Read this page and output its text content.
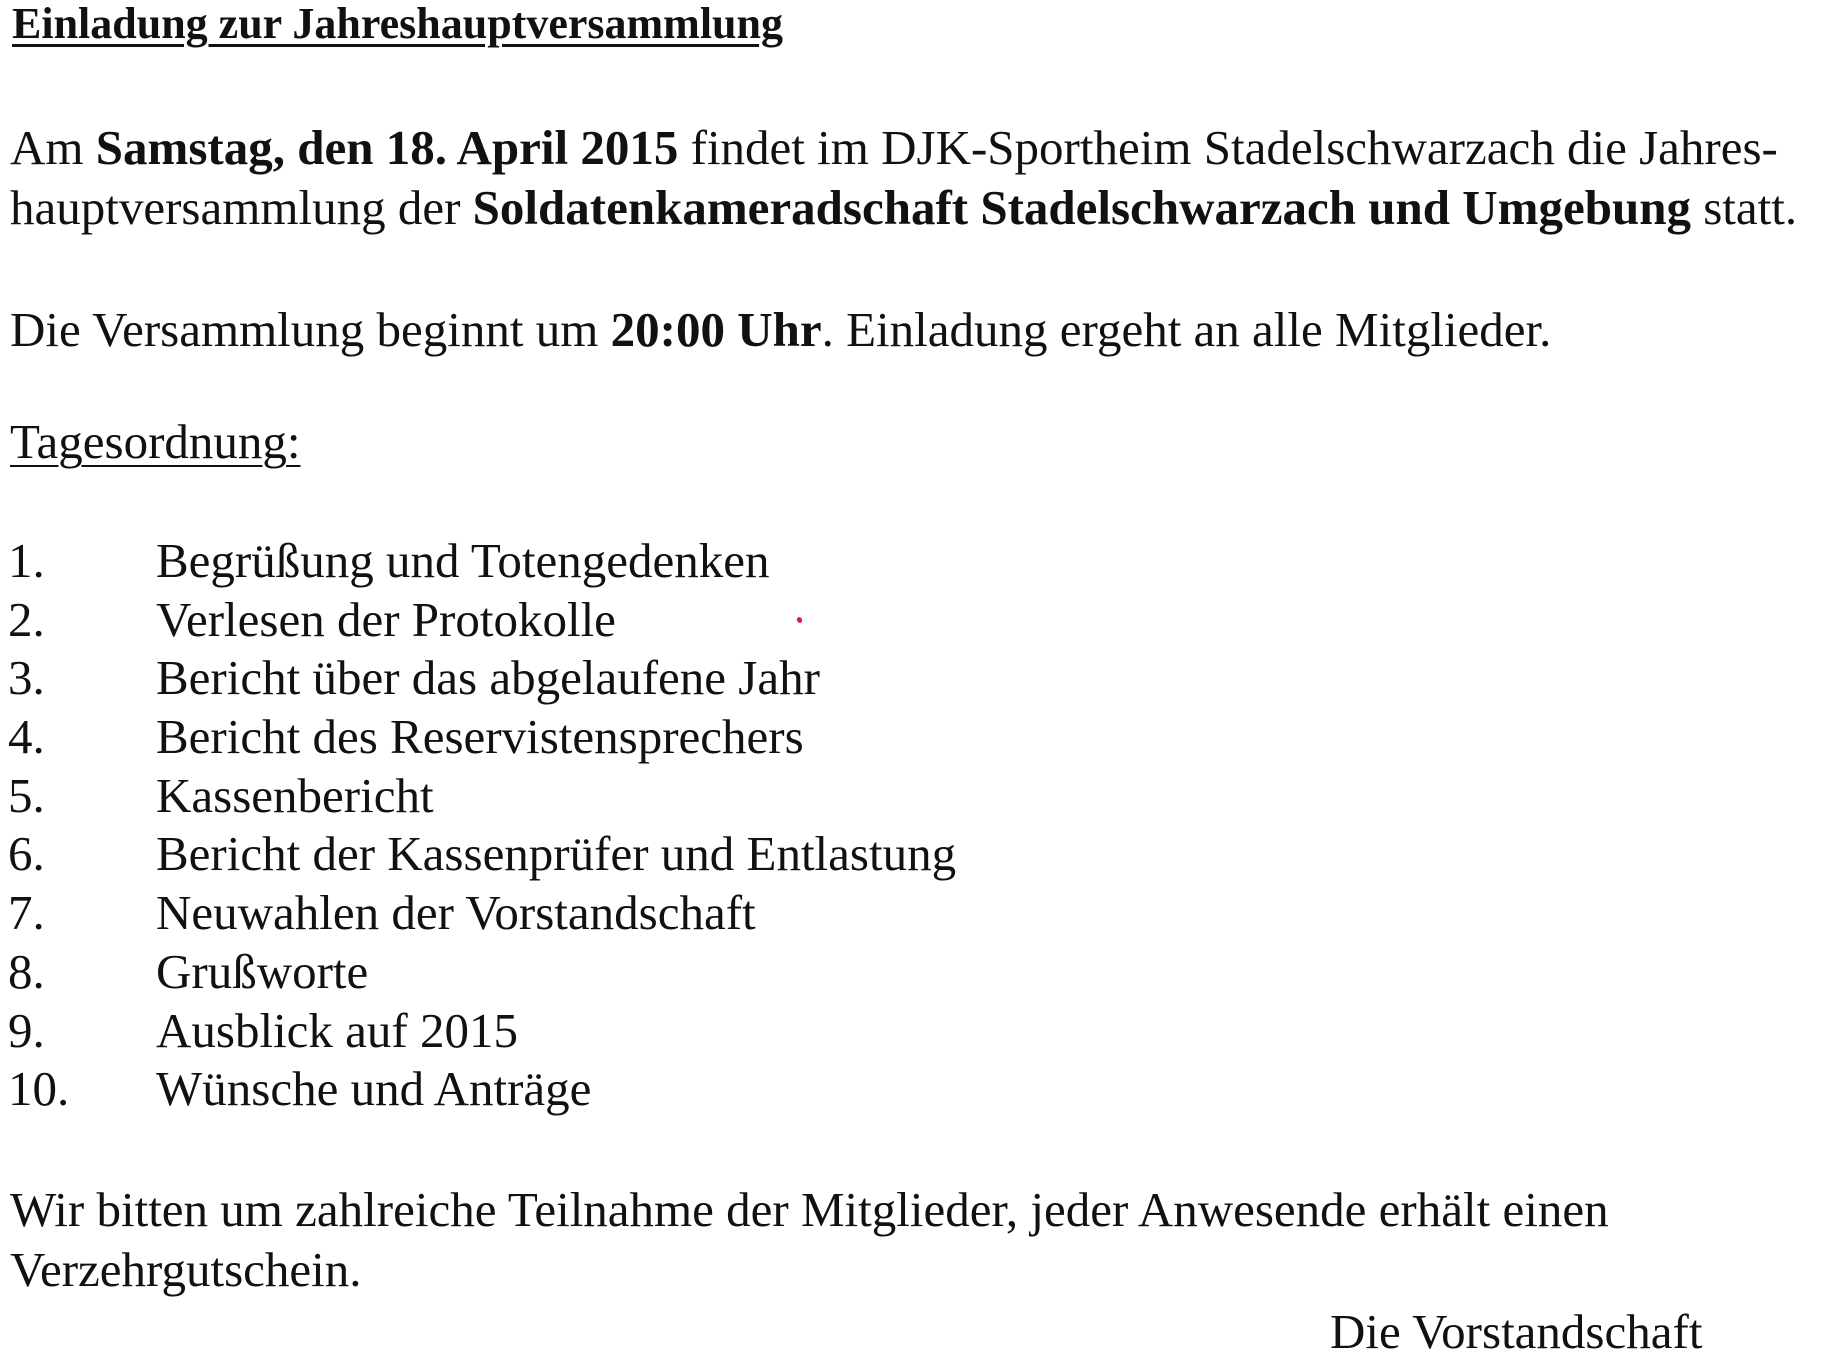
Einladung zur Jahreshauptversammlung

Am Samstag, den 18. April 2015 findet im DJK-Sportheim Stadelschwarzach die Jahres-
hauptversammlung der Soldatenkameradschaft Stadelschwarzach und Umgebung statt.

Die Versammlung beginnt um 20:00 Uhr. Einladung ergeht an alle Mitglieder.

Tagesordnung:

1. Begrüßung und Totengedenken
2. Verlesen der Protokolle
3. Bericht über das abgelaufene Jahr
4. Bericht des Reservistensprechers
5. Kassenbericht
6. Bericht der Kassenprüfer und Entlastung
7. Neuwahlen der Vorstandschaft
8. Grußworte
9. Ausblick auf 2015
10. Wünsche und Anträge

Wir bitten um zahlreiche Teilnahme der Mitglieder, jeder Anwesende erhält einen
Verzehrgutschein.

Die Vorstandschaft
